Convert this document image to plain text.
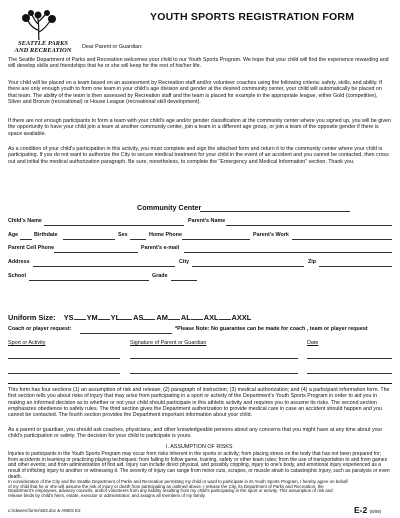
SEATTLE PARKS
AND RECREATION
YOUTH SPORTS REGISTRATION FORM
Dear Parent or Guardian:

The Seattle Department of Parks and Recreation welcomes your child to our Youth Sports Program. We hope that your child will find the experience rewarding and will develop skills and friendships that he or she will keep for the rest of his/her life.

Your child will be placed on a team based on an assessment by Recreation staff and/or volunteer coaches using the following criteria: safety, skills, and ability. If there are only enough youth to form one team in your child's age division and gender at the desired community center, your child will automatically be placed on that team. The ability of the team is then assessed by Recreation staff and the team is placed for example in the appropriate league, either Gold (competitive), Silver and Bronze (recreational) or House League (recreational skill development).

If there are not enough participants to form a team with your child's age and/or gender classification at the community center where you signed up, you will be given the opportunity to have your child join a team at another community center, join a team in a different age group, or join a team of the opposite gender if there is space available.

As a condition of your child's participation in this activity, you must complete and sign the attached form and return it to the community center where your child is participating. If you do not want to authorize the City to secure medical treatment for your child in the event of an accident and you cannot be contacted, then cross out and initial the medical authorization paragraph. Be sure, nonetheless, to complete the "Emergency and Medical Information" section. Thank you.

Community Center
Child's Name	Parent's Name
Age	Birthdate	Sex	Home Phone	Parent's Work
Parent Cell Phone	Parent's e-mail
Address	City	Zip
School	Grade
Uniform Size: YS YM YL AS AM AL AXL AXXL
Coach or player request:	*Please Note: No guarantee can be made for coach , team or player request
Sport or Activity	Signature of Parent or Guardian	Date

This form has four sections (1) an assumption of risk and release; (2) paragraph of instruction; (3) medical authorization; and (4) a participant information form. The first section tells you about risks of injury that may arise from participating in a sport or activity of the Department's Youth Sports Program in order to aid you in making an informed decision as to whether or not your child should participate in this athletic activity and requires you to assume its risks. The second section emphasizes obedience to safety rules. The third section gives the Department authorization to provide medical care in case an accident should happen and you cannot be contacted. The fourth section provides the Department important information about your child.

As a parent or guardian, you should ask coaches, physicians, and other knowledgeable persons about any concerns that you might have at any time about your child's participation or safety. The decision for your child to participate is yours.

I. ASSUMPTION OF RISKS

Injuries to participants in the Youth Sports Program may occur from risks inherent in the sports or activity; from placing stress on the body that has not been prepared for; from accidents in learning or practicing playing techniques; from failing to follow game, training, safety or other team rules; from the use of transportation to and from games and other events; and from administration of first aid. Injury can include direct physical, and possibly crippling, injury to one's body, and emotional injury experienced as a result of inflicting injury to another or witnessing it. The severity of injury can range from minor cuts, scrapes, or muscle strain to catastrophic injury, such as paralysis or even death.

In consideration of the City and the Seattle Department of Parks and Recreation permitting my child or ward to participate in its Youth Sports Program, I hereby agree on behalf of my child that he or she will assume the risk of injury or death from participating as outlined above. I release the City, its Department of Parks and Recreation, the Department's employees, advisory councils, and/or volunteers from any liability resulting from my child's participating in the sport or activity. This assumption of risk and release binds by child's heirs, estate, executor or administrator, and assigns all members of my family.

u:\rdweercforms\s02.doc & AWES E2	E-2 (9/09)
